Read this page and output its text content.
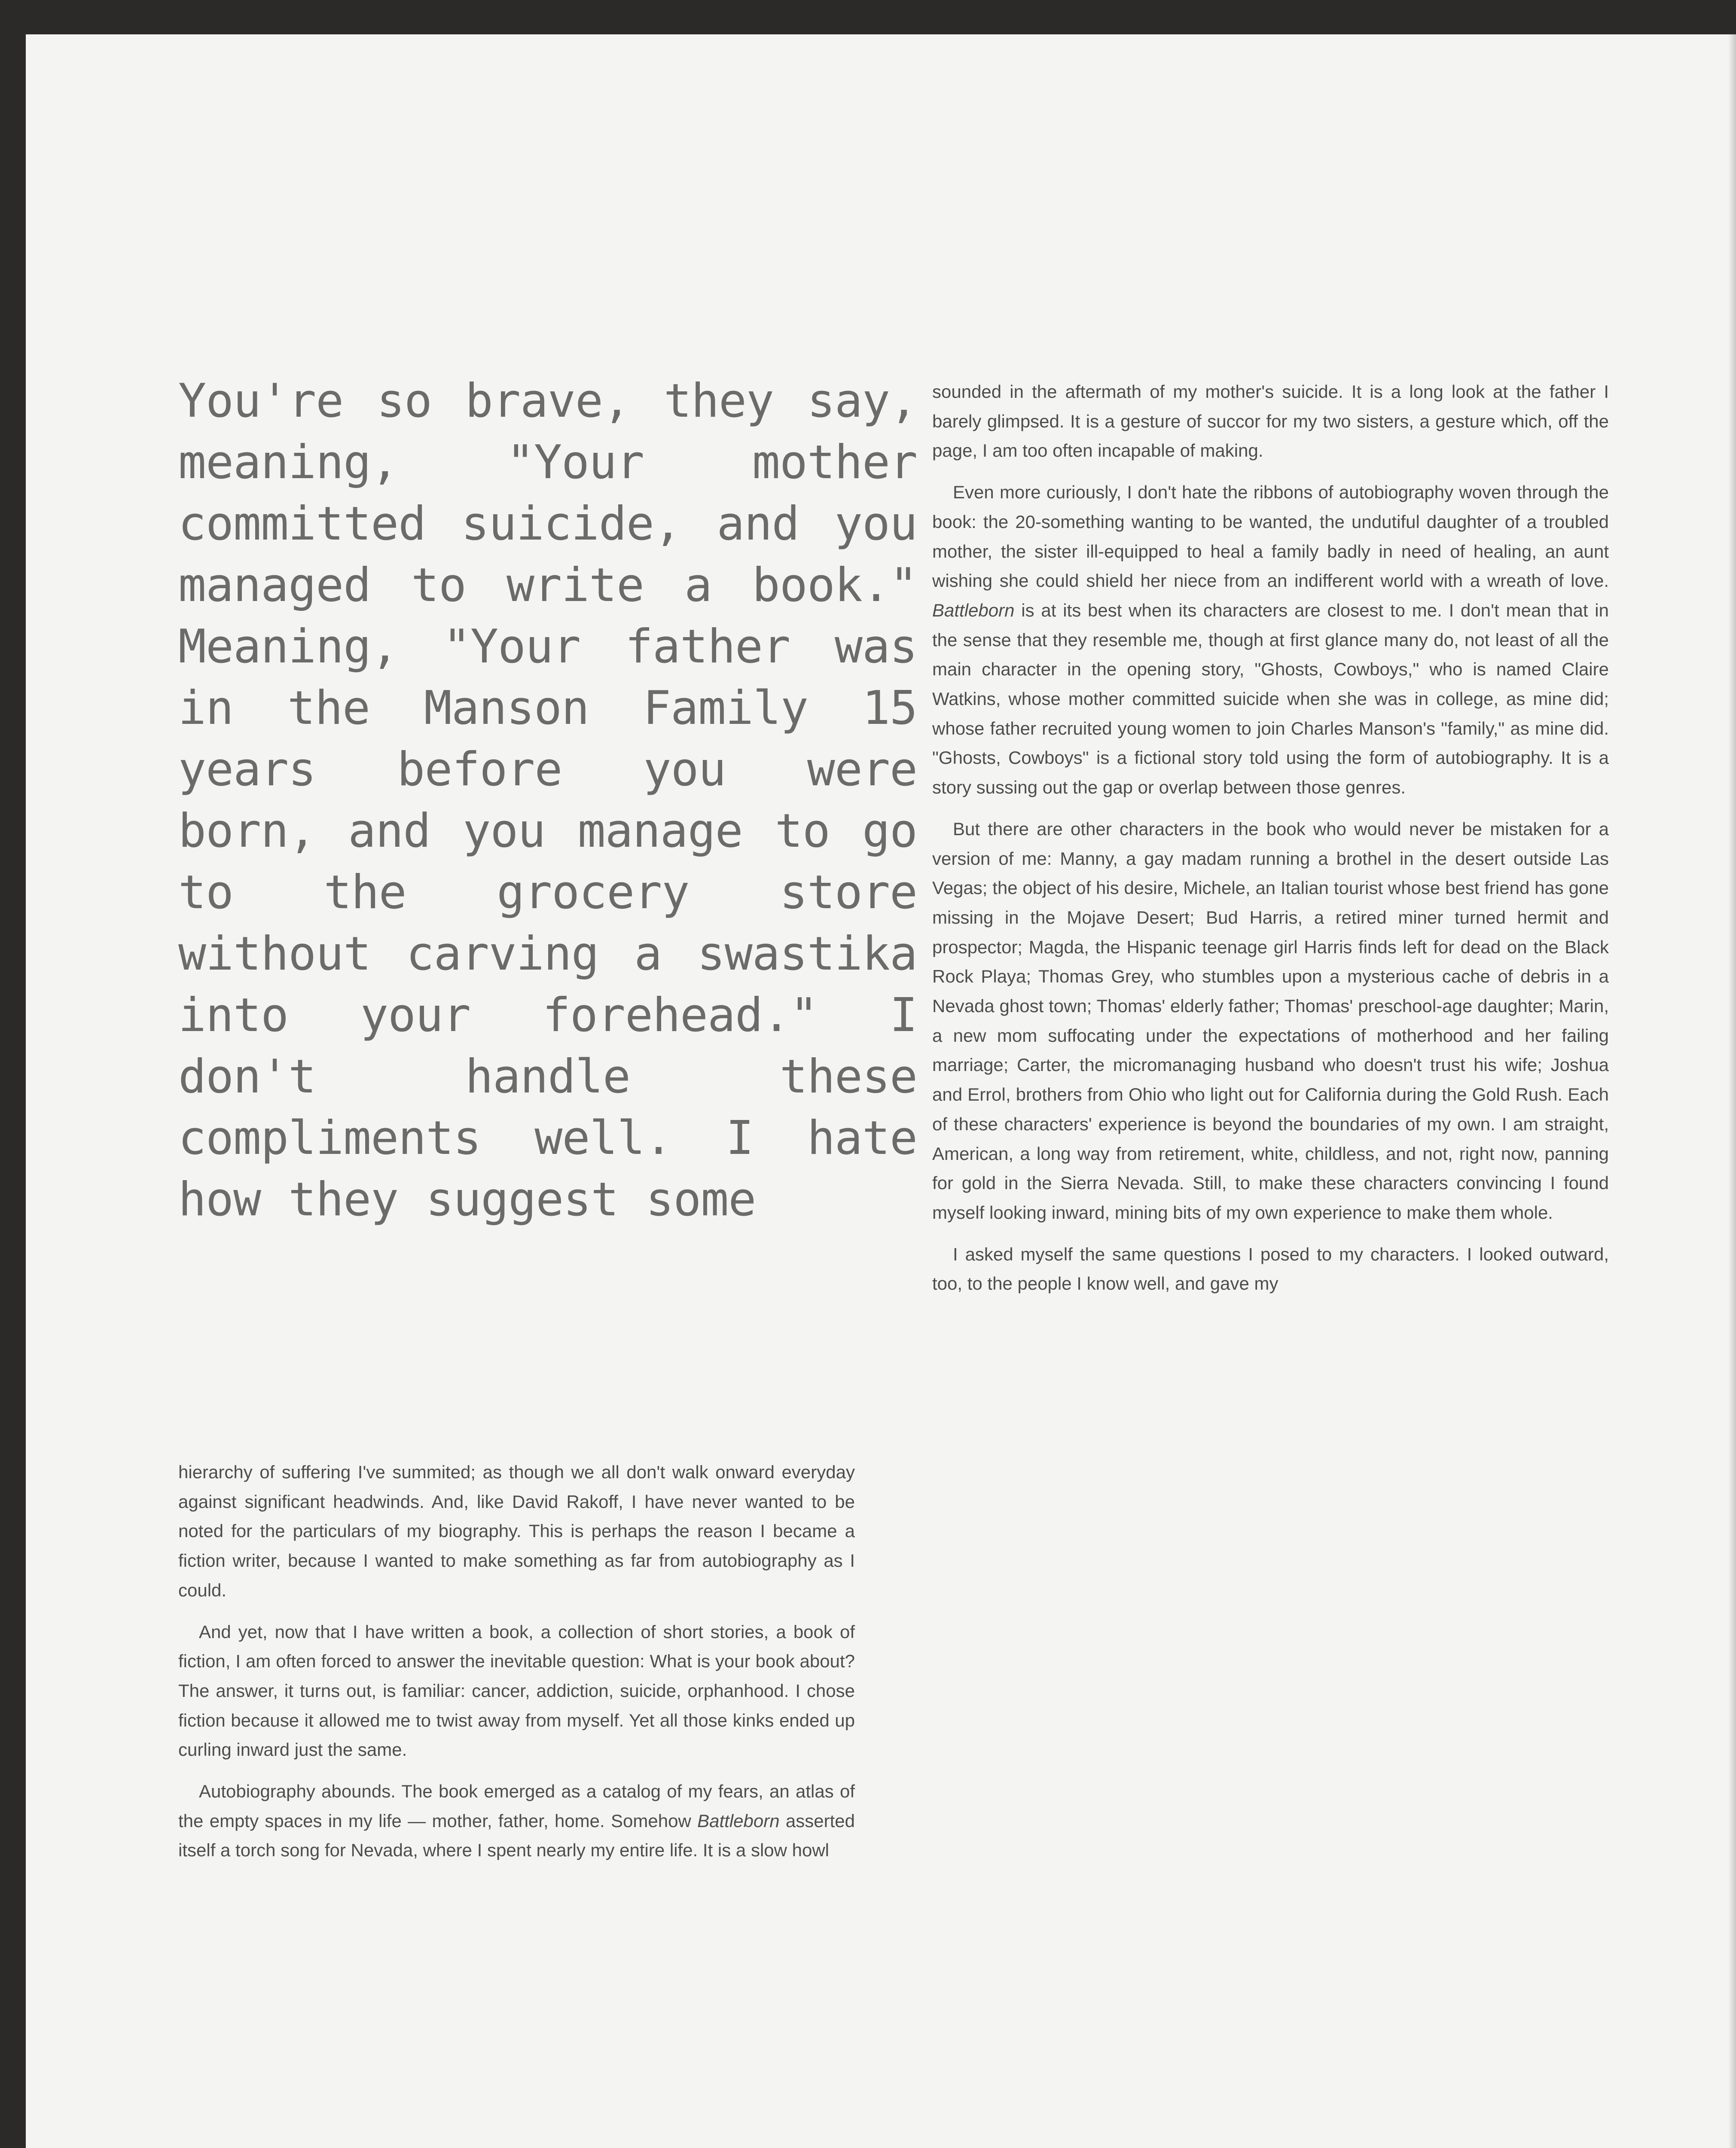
You're so brave, they say, meaning, "Your mother committed suicide, and you managed to write a book." Meaning, "Your father was in the Manson Family 15 years before you were born, and you manage to go to the grocery store without carving a swastika into your forehead." I don't handle these compliments well. I hate how they suggest some

hierarchy of suffering I've summited; as though we all don't walk onward everyday against significant headwinds. And, like David Rakoff, I have never wanted to be noted for the particulars of my biography. This is perhaps the reason I became a fiction writer, because I wanted to make something as far from autobiography as I could.

And yet, now that I have written a book, a collection of short stories, a book of fiction, I am often forced to answer the inevitable question: What is your book about? The answer, it turns out, is familiar: cancer, addiction, suicide, orphanhood. I chose fiction because it allowed me to twist away from myself. Yet all those kinks ended up curling inward just the same.

Autobiography abounds. The book emerged as a catalog of my fears, an atlas of the empty spaces in my life — mother, father, home. Somehow Battleborn asserted itself a torch song for Nevada, where I spent nearly my entire life. It is a slow howl

sounded in the aftermath of my mother's suicide. It is a long look at the father I barely glimpsed. It is a gesture of succor for my two sisters, a gesture which, off the page, I am too often incapable of making.

Even more curiously, I don't hate the ribbons of autobiography woven through the book: the 20-something wanting to be wanted, the undutiful daughter of a troubled mother, the sister ill-equipped to heal a family badly in need of healing, an aunt wishing she could shield her niece from an indifferent world with a wreath of love. Battleborn is at its best when its characters are closest to me. I don't mean that in the sense that they resemble me, though at first glance many do, not least of all the main character in the opening story, "Ghosts, Cowboys," who is named Claire Watkins, whose mother committed suicide when she was in college, as mine did; whose father recruited young women to join Charles Manson's "family," as mine did. "Ghosts, Cowboys" is a fictional story told using the form of autobiography. It is a story sussing out the gap or overlap between those genres.

But there are other characters in the book who would never be mistaken for a version of me: Manny, a gay madam running a brothel in the desert outside Las Vegas; the object of his desire, Michele, an Italian tourist whose best friend has gone missing in the Mojave Desert; Bud Harris, a retired miner turned hermit and prospector; Magda, the Hispanic teenage girl Harris finds left for dead on the Black Rock Playa; Thomas Grey, who stumbles upon a mysterious cache of debris in a Nevada ghost town; Thomas' elderly father; Thomas' preschool-age daughter; Marin, a new mom suffocating under the expectations of motherhood and her failing marriage; Carter, the micromanaging husband who doesn't trust his wife; Joshua and Errol, brothers from Ohio who light out for California during the Gold Rush. Each of these characters' experience is beyond the boundaries of my own. I am straight, American, a long way from retirement, white, childless, and not, right now, panning for gold in the Sierra Nevada. Still, to make these characters convincing I found myself looking inward, mining bits of my own experience to make them whole.

I asked myself the same questions I posed to my characters. I looked outward, too, to the people I know well, and gave my
